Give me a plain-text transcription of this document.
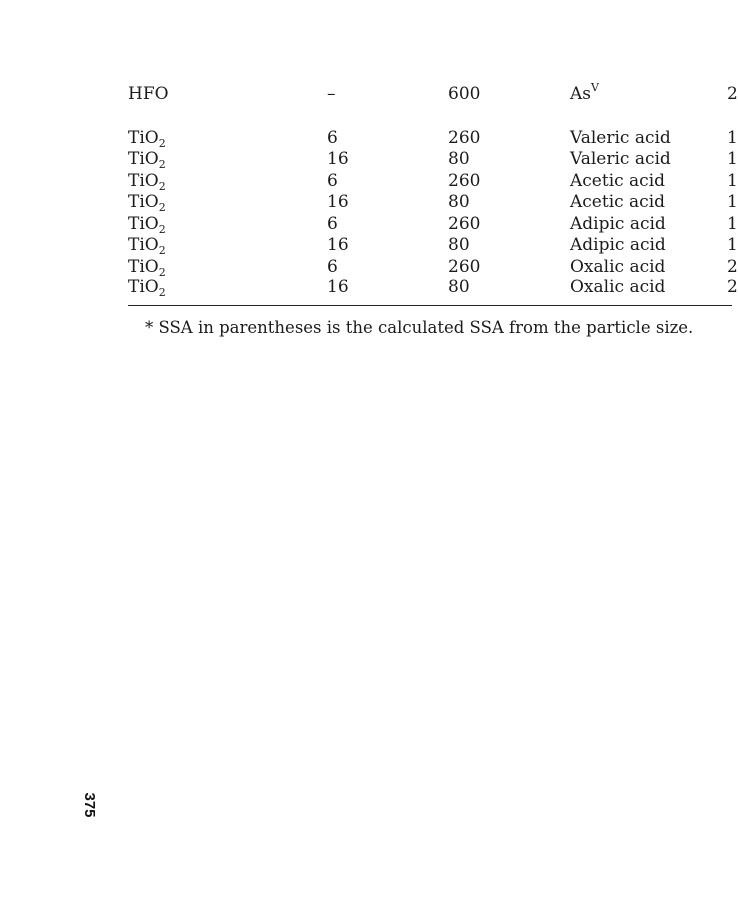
HFO	–	600	$As^V$	2
TiO$_2$	6	260	Valeric acid	1
TiO$_2$	16	80	Valeric acid	1
TiO$_2$	6	260	Acetic acid	1
TiO$_2$	16	80	Acetic acid	1
TiO$_2$	6	260	Adipic acid	1
TiO$_2$	16	80	Adipic acid	1
TiO$_2$	6	260	Oxalic acid	2
TiO$_2$	16	80	Oxalic acid	2
* SSA in parentheses is the calculated SSA from the particle size.
375
